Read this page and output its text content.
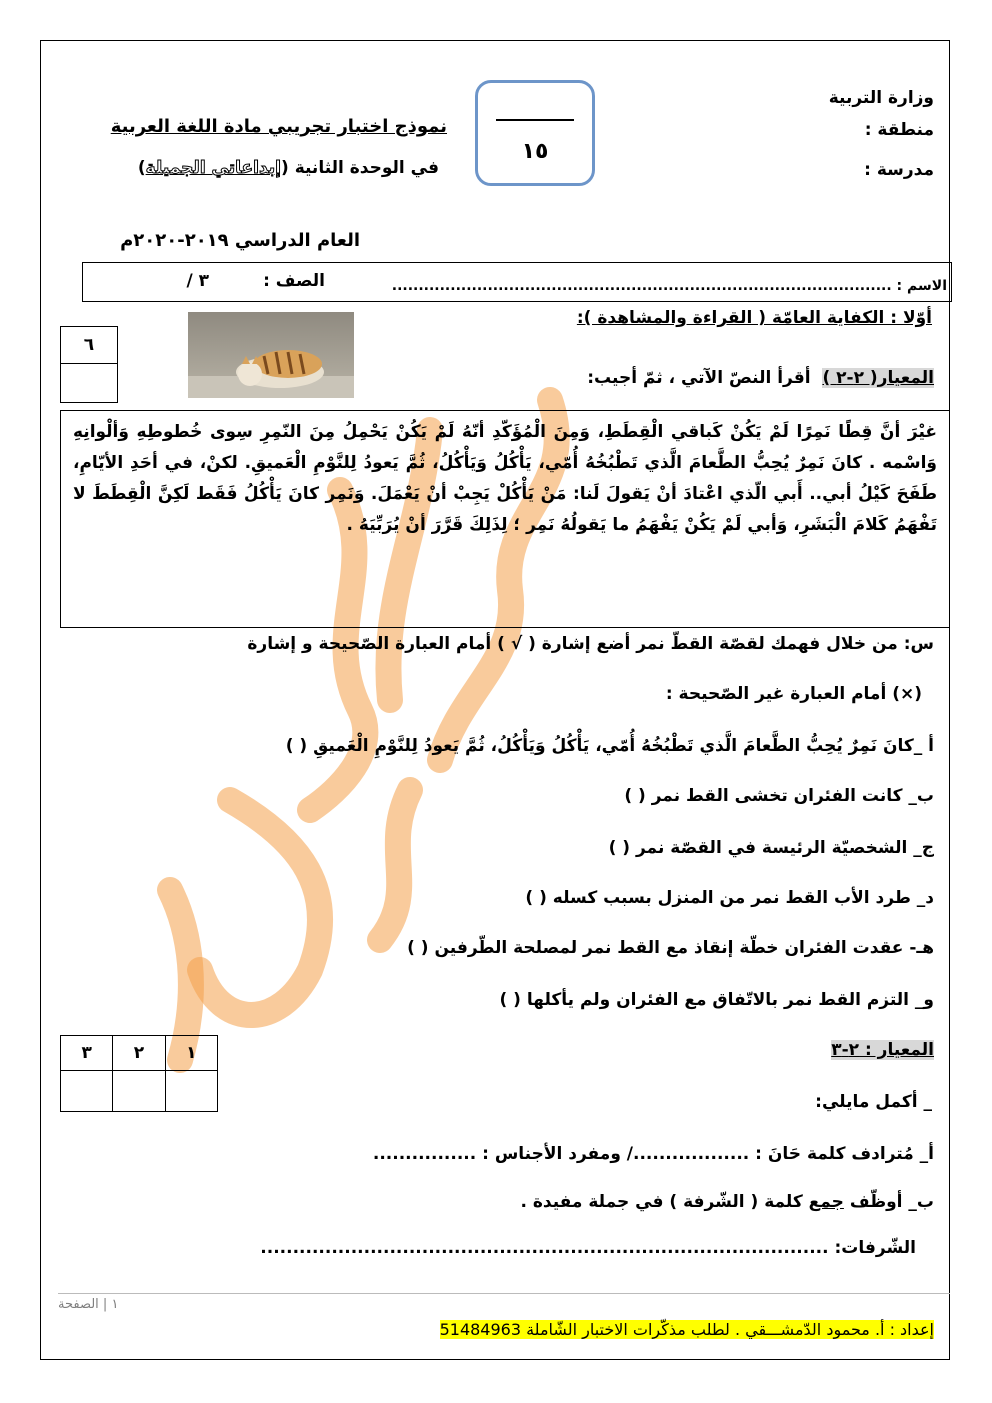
وزارة التربية
منطقة :
مدرسة :
١٥
نموذج اختبار تجريبي مادة اللغة العربية
في الوحدة الثانية (إبداعاتي الجميلة)
العام الدراسي ٢٠١٩-٢٠٢٠م
الاسم : ..............................................................................................
الصف :
٣ /
أوّلا : الكفاية العامّة ( القراءة والمشاهدة ):
٦

المعيار( ٢-٢ )  أقرأ النصّ الآتي ، ثمّ أجيب:

غيْرَ أنَّ قِطًا نَمِرًا لَمْ يَكُنْ كَباقي الْقِطَطِ، وَمِنَ الْمُؤَكّدِ أنّهُ لَمْ يَكُنْ يَحْمِلُ مِنَ النّمِرِ سِوى خُطوطِهِ وَألْوانِهِ وَاسْمه . كانَ نَمِرٌ يُحِبُّ الطَّعامَ الَّذي تَطْبُخُهُ أُمّي، يَأْكُلُ وَيَأْكُلُ، ثُمَّ يَعودُ لِلنَّوْمِ الْعَميقِ. لكنْ، في أحَدِ الأيّامِ، طَفَحَ كَيْلُ أبي.. أَبي الّذي اعْتادَ أنْ يَقولَ لَنا: مَنْ يَأْكُلْ يَجِبْ أنْ يَعْمَلَ. وَنَمِر كانَ يَأْكُلُ فَقَط لَكِنَّ الْقِطَطَ لا تَفْهَمُ كَلامَ الْبَشَرِ، وَأبي لَمْ يَكُنْ يَفْهَمُ ما يَقولُهُ نَمِر ؛ لِذَلِكَ قَرَّرَ أنْ يُرَبِّيَهُ .

س: من خلال فهمك لقصّة القطّ نمر أضع إشارة ( √ ) أمام العبارة الصّحيحة و إشارة
(×) أمام العبارة غير الصّحيحة :
أ _كانَ نَمِرٌ يُحِبُّ الطَّعامَ الَّذي تَطْبُخُهُ أُمّي، يَأْكُلُ وَيَأْكُلُ، ثُمَّ يَعودُ لِلنَّوْمِ الْعَميقِ ( )
ب_ كانت الفئران تخشى القط نمر ( )
ج_ الشخصيّة الرئيسة في القصّة نمر ( )
د_ طرد الأب القط نمر من المنزل بسبب كسله ( )
هـ- عقدت الفئران خطّة إنقاذ مع القط نمر لمصلحة الطّرفين ( )
و_ التزم القط نمر بالاتّفاق مع الفئران ولم يأكلها ( )
٣	٢	١
			المعيار : ٢-٣
_ أكمل مايلي:
أ_ مُترادف كلمة حَانَ : ................../ ومفرد الأجناس : ................
ب_ أوظّف جمع كلمة ( الشّرفة ) في جملة مفيدة .
الشّرفات: ........................................................................................
١ | الصفحة
إعداد : أ. محمود الدّمشـــقي . لطلب مذكّرات الاختبار الشّاملة 51484963
